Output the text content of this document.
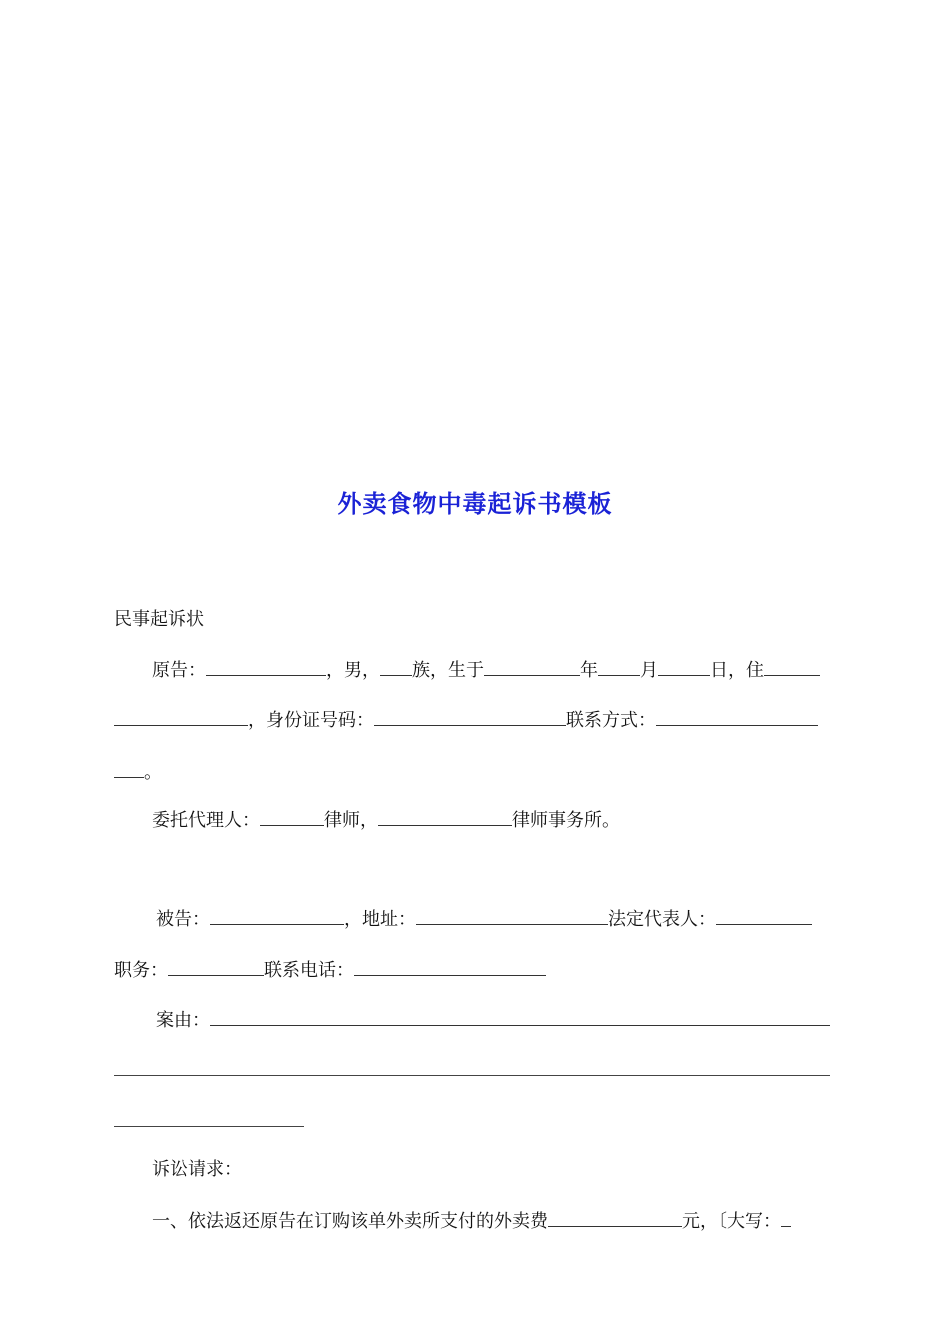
外卖食物中毒起诉书模板
民事起诉状
原告：	，男， 族，生于	年 月	日，住
，身份证号码：	联系方式：
。
委托代理人：	律师，	律师事务所。
被告：	，地址：	法定代表人：
职务：	联系电话：
案由：
诉讼请求：
一、依法返还原告在订购该单外卖所支付的外卖费	元，〔大写：
